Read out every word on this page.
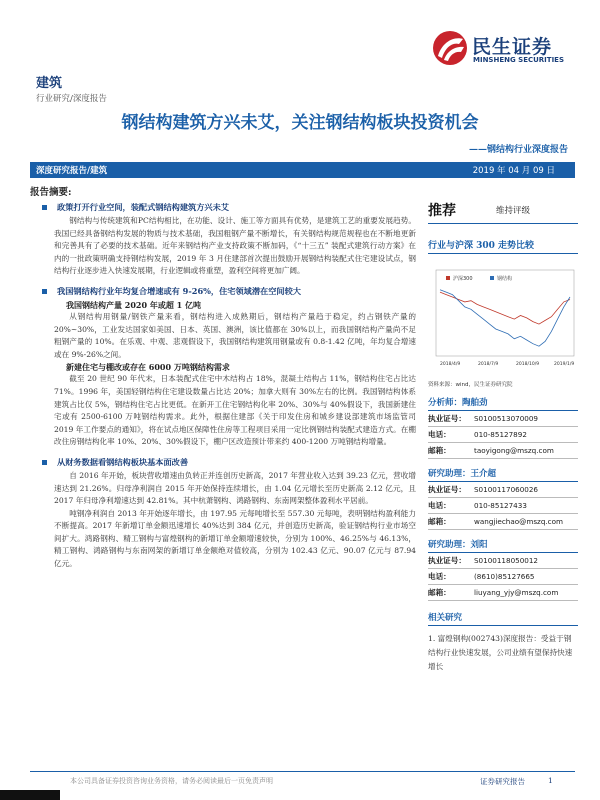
民生证券
MINSHENG SECURITIES
建筑
行业研究/深度报告
钢结构建筑方兴未艾，关注钢结构板块投资机会
——钢结构行业深度报告
深度研究报告/建筑	2019 年 04 月 09 日
报告摘要:
政策打开行业空间，装配式钢结构建筑方兴未艾

钢结构与传统建筑和PC结构相比，在功能、设计、施工等方面具有优势，是建筑工艺的重要发展趋势。我国已经具备钢结构发展的物质与技术基础，我国粗钢产量不断增长，有关钢结构规范规程也在不断地更新和完善具有了必要的技术基础。近年来钢结构产业支持政策不断加码，《“十三五” 装配式建筑行动方案》在内的一批政策明确支持钢结构发展，2019 年 3 月住建部首次提出鼓励开展钢结构装配式住宅建设试点，钢结构行业逐步进入快速发展期，行业逻辑或将重塑，盈利空间将更加广阔。

我国钢结构行业年均复合增速或有 9-26%，住宅领域潜在空间较大
我国钢结构产量 2020 年或超 1 亿吨

从钢结构用钢量/钢铁产量来看，钢结构进入成熟期后，钢结构产量趋于稳定，约占钢铁产量的 20%~30%，工业发达国家如美国、日本、英国、澳洲，该比值都在 30%以上，而我国钢结构产量尚不足粗钢产量的 10%。在乐观、中观、悲观假设下，我国钢结构建筑用钢量或有 0.8-1.42 亿吨，年均复合增速或在 9%-26%之间。

新建住宅与棚改或存在 6000 万吨钢结构需求

截至 20 世纪 90 年代末，日本装配式住宅中木结构占 18%，混凝土结构占 11%，钢结构住宅占比达 71%。1996 年，美国轻钢结构住宅建设数量占比达 20%；加拿大则有 30%左右的比例。我国钢结构体系建筑占比仅 5%，钢结构住宅占比更低。在新开工住宅钢结构化率 20%、30%与 40%假设下，我国新建住宅或有 2500-6100 万吨钢结构需求。此外，根据住建部《关于印发住房和城乡建设部建筑市场监管司 2019 年工作要点的通知》，将在试点地区保障性住房等工程项目采用一定比例钢结构装配式建造方式。在棚改住房钢结构化率 10%、20%、30%假设下，棚户区改造预计带来约 400-1200 万吨钢结构增量。

从财务数据看钢结构板块基本面改善

自 2016 年开始，板块营收增速由负转正并连创历史新高，2017 年营业收入达到 39.23 亿元，营收增速达到 21.26%。归母净利润自 2015 年开始保持连续增长，由 1.04 亿元增长至历史新高 2.12 亿元，且 2017 年归母净利增速达到 42.81%。其中杭萧钢构、鸿路钢构、东南网架整体盈利水平居前。

吨钢净利润自 2013 年开始逐年增长，由 197.95 元每吨增长至 557.30 元每吨，表明钢结构盈利能力不断提高。2017 年新增订单金额迅速增长 40%达到 384 亿元，并创造历史新高，验证钢结构行业市场空间扩大。鸿路钢构、精工钢构与富煌钢构的新增订单金额增速较快，分别为 100%、46.25%与 46.13%，精工钢构、鸿路钢构与东南网架的新增订单金额绝对值较高，分别为 102.43 亿元、90.07 亿元与 87.94 亿元。

推荐	维持评级
行业与沪深 300 走势比较
沪深300	钢结构
2018/4/9	2018/7/9	2018/10/9	2019/1/9
资料来源：wind，民生证券研究院
分析师：陶舶劲
执业证号：	S0100513070009
电话：	010-85127892
邮箱：	taoyigong@mszq.com
研究助理：王介超
执业证号：	S0100117060026
电话：	010-85127433
邮箱：	wangjiechao@mszq.com
研究助理：刘阳
执业证号：	S0100118050012
电话：	(8610)85127665
邮箱：	liuyang_yjy@mszq.com
相关研究
1. 富煌钢构(002743)深度报告：受益于钢结构行业快速发展，公司业绩有望保持快速增长
本公司具备证券投资咨询业务资格，请务必阅读最后一页免责声明	证券研究报告	1
